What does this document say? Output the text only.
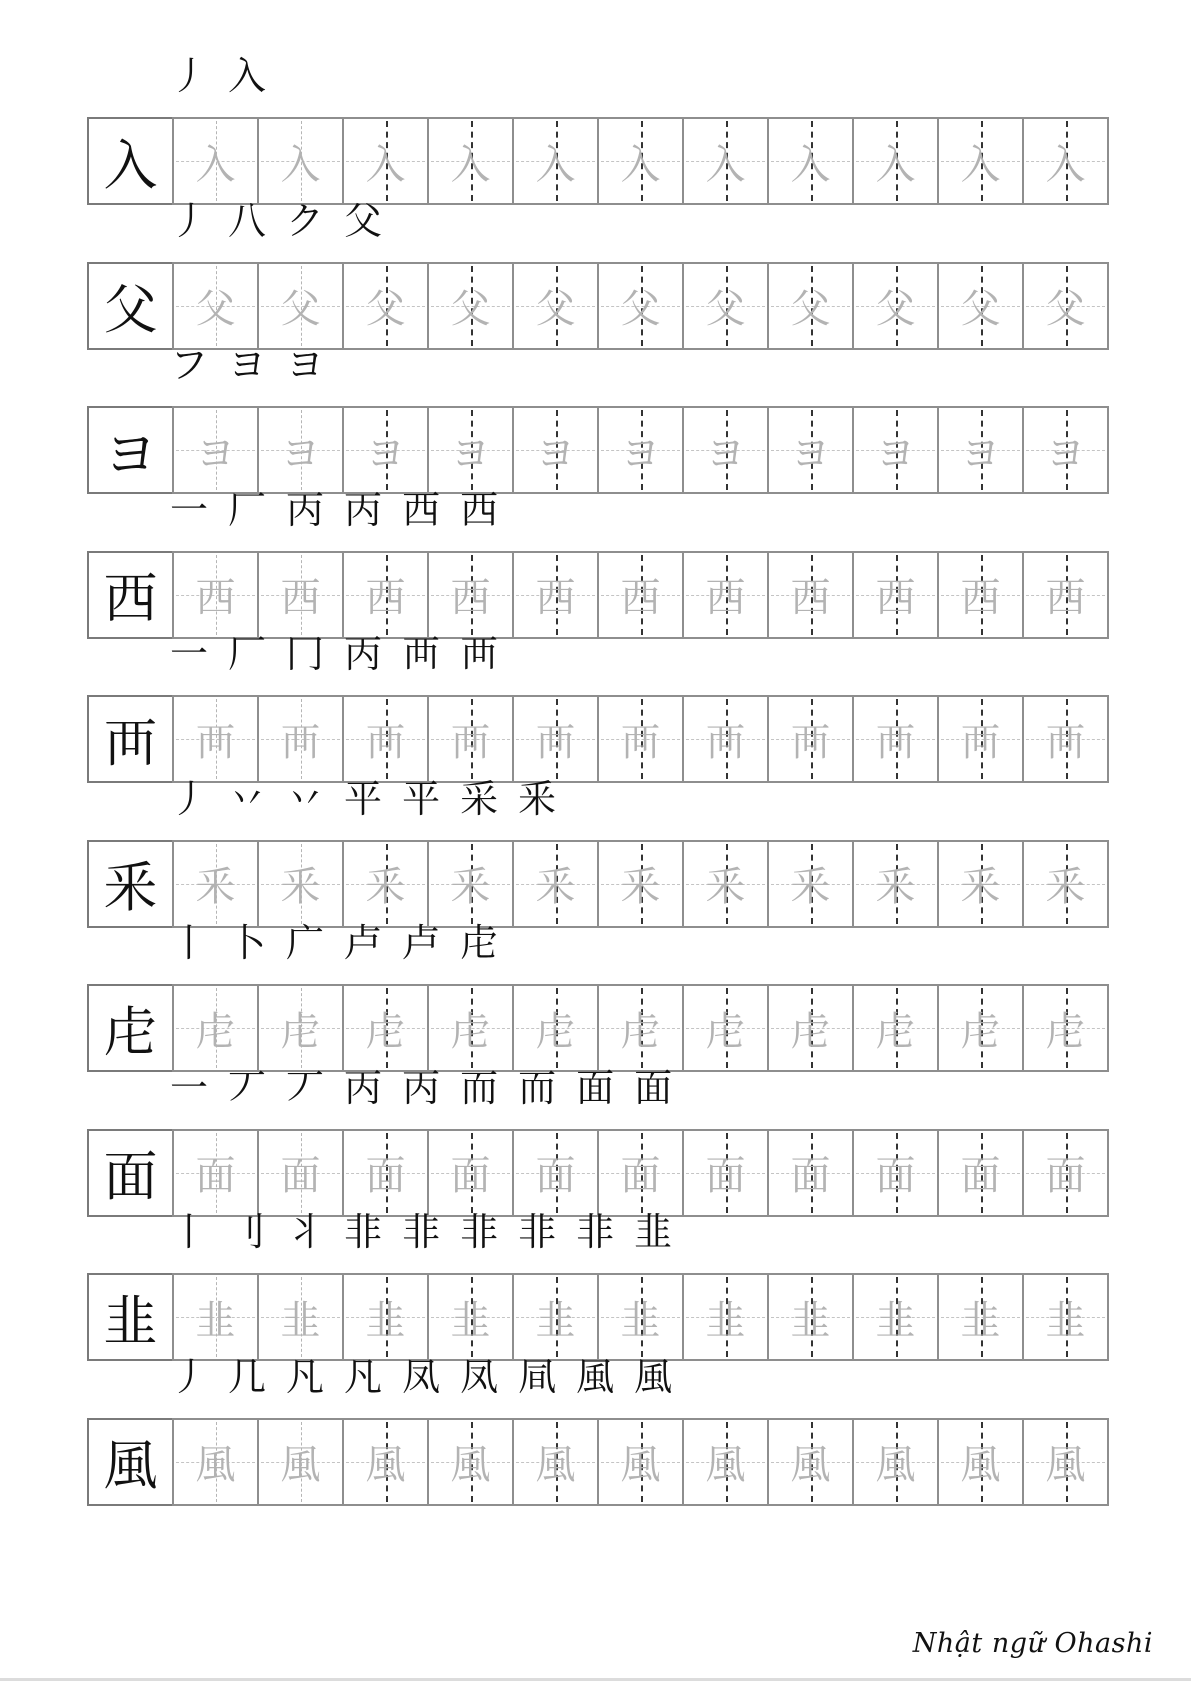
丿 入
入 入	入	入	入	入	入	入	入	入	入	入
丿 八 ク 父
父 父	父	父	父	父	父	父	父	父	父	父
フ ヨ ヨ
ヨ ヨ	ヨ	ヨ	ヨ	ヨ	ヨ	ヨ	ヨ	ヨ	ヨ	ヨ
一 厂 丙 丙 西 西
西 西	西	西	西	西	西	西	西	西	西	西
一 厂 冂 丙 襾 襾
襾 襾	襾	襾	襾	襾	襾	襾	襾	襾	襾	襾
丿 丷 丷 平 平 采 釆
釆 釆	釆	釆	釆	釆	釆	釆	釆	釆	釆	釆
丨 卜 广 卢 卢 虍
虍 虍	虍	虍	虍	虍	虍	虍	虍	虍	虍	虍
一 丆 丆 丙 丙 而 而 面 面
面 面	面	面	面	面	面	面	面	面	面	面
丨 刂 丬 非 非 非 非 非 韭
韭 韭	韭	韭	韭	韭	韭	韭	韭	韭	韭	韭
丿 几 凡 凡 凤 凤 凬 風 風
風 風	風	風	風	風	風	風	風	風	風	風
Nhật ngữ Ohashi
